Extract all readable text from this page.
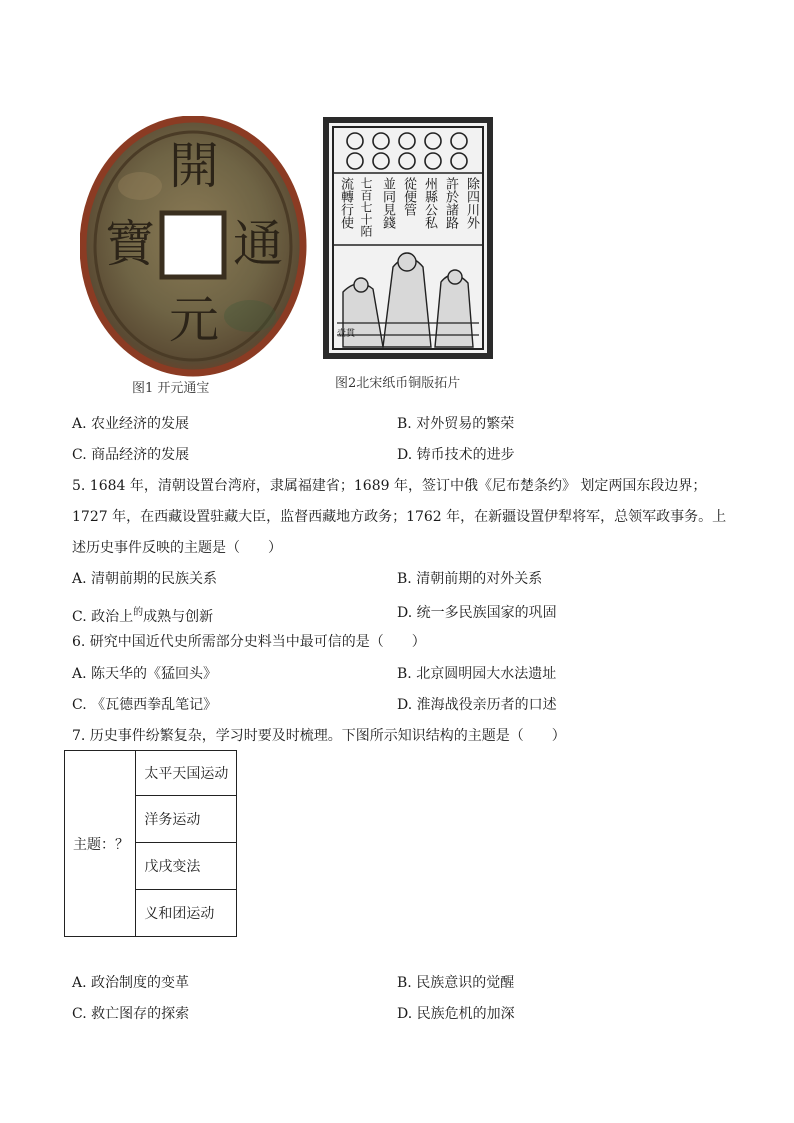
開
通
元
寶
图1 开元通宝
除四川外
許於諸路
州縣公私
從便管
並同見錢
七百七十陌
流轉行使
壹貫
图2北宋纸币铜版拓片
A. 农业经济的发展	B. 对外贸易的繁荣
C. 商品经济的发展	D. 铸币技术的进步
5. 1684 年，清朝设置台湾府，隶属福建省；1689 年，签订中俄《尼布楚条约》 划定两国东段边界；
1727 年，在西藏设置驻藏大臣，监督西藏地方政务；1762 年，在新疆设置伊犁将军，总领军政事务。上
述历史事件反映的主题是（　　）
A. 清朝前期的民族关系	B. 清朝前期的对外关系
C. 政治上$^的$成熟与创新	D. 统一多民族国家的巩固
6. 研究中国近代史所需部分史料当中最可信的是（　　）
A. 陈天华的《猛回头》	B. 北京圆明园大水法遗址
C. 《瓦德西拳乱笔记》	D. 淮海战役亲历者的口述
7. 历史事件纷繁复杂，学习时要及时梳理。下图所示知识结构的主题是（　　）
主题：？	太平天国运动
洋务运动
戊戌变法
义和团运动
A. 政治制度的变革	B. 民族意识的觉醒
C. 救亡图存的探索	D. 民族危机的加深
